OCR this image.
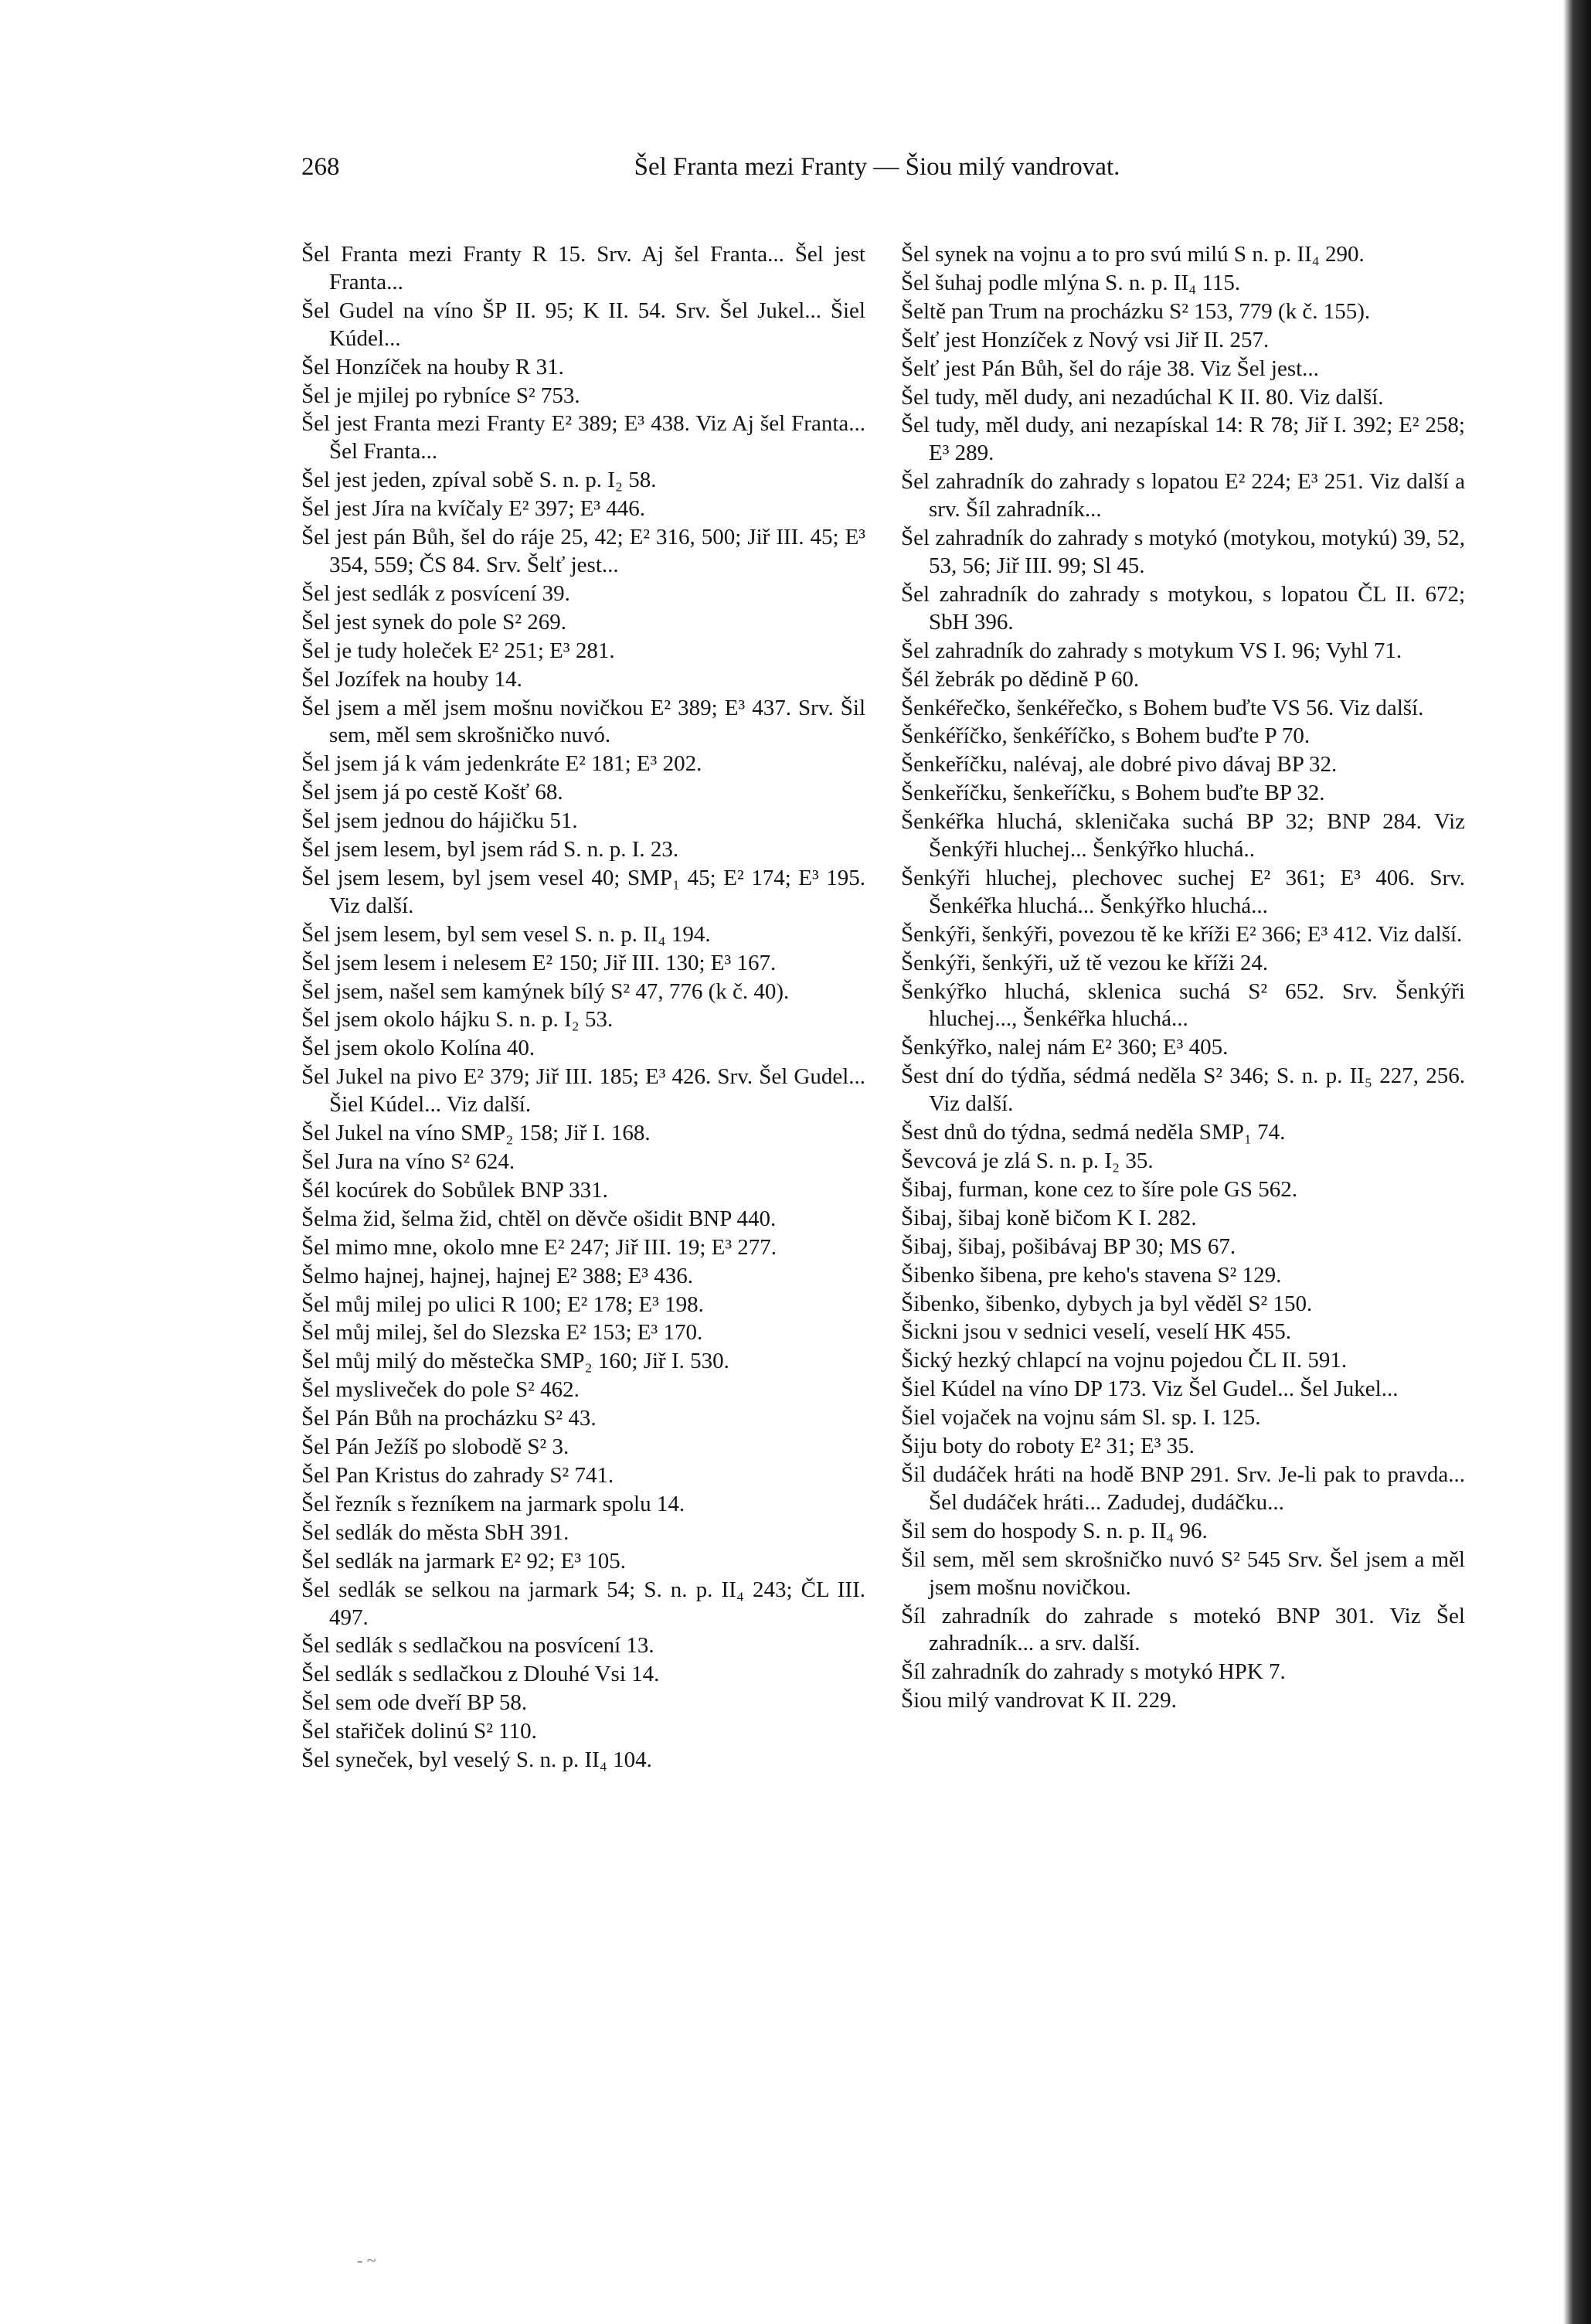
268	Šel Franta mezi Franty — Šiou milý vandrovat.

Šel Franta mezi Franty R 15. Srv. Aj šel Franta... Šel jest Franta...

Šel Gudel na víno ŠP II. 95; K II. 54. Srv. Šel Jukel... Šiel Kúdel...

Šel Honzíček na houby R 31.

Šel je mjilej po rybníce S² 753.

Šel jest Franta mezi Franty E² 389; E³ 438. Viz Aj šel Franta... Šel Franta...

Šel jest jeden, zpíval sobě S. n. p. I₂ 58.

Šel jest Jíra na kvíčaly E² 397; E³ 446.

Šel jest pán Bůh, šel do ráje 25, 42; E² 316, 500; Jiř III. 45; E³ 354, 559; ČS 84. Srv. Šelť jest...

Šel jest sedlák z posvícení 39.

Šel jest synek do pole S² 269.

Šel je tudy holeček E² 251; E³ 281.

Šel Jozífek na houby 14.

Šel jsem a měl jsem mošnu novičkou E² 389; E³ 437. Srv. Šil sem, měl sem skrošničko nuvó.

Šel jsem já k vám jedenkráte E² 181; E³ 202.

Šel jsem já po cestě Košť 68.

Šel jsem jednou do hájičku 51.

Šel jsem lesem, byl jsem rád S. n. p. I. 23.

Šel jsem lesem, byl jsem vesel 40; SMP₁ 45; E² 174; E³ 195. Viz další.

Šel jsem lesem, byl sem vesel S. n. p. II₄ 194.

Šel jsem lesem i nelesem E² 150; Jiř III. 130; E³ 167.

Šel jsem, našel sem kamýnek bílý S² 47, 776 (k č. 40).

Šel jsem okolo hájku S. n. p. I₂ 53.

Šel jsem okolo Kolína 40.

Šel Jukel na pivo E² 379; Jiř III. 185; E³ 426. Srv. Šel Gudel... Šiel Kúdel... Viz další.

Šel Jukel na víno SMP₂ 158; Jiř I. 168.

Šel Jura na víno S² 624.

Šél kocúrek do Sobůlek BNP 331.

Šelma žid, šelma žid, chtěl on děvče ošidit BNP 440.

Šel mimo mne, okolo mne E² 247; Jiř III. 19; E³ 277.

Šelmo hajnej, hajnej, hajnej E² 388; E³ 436.

Šel můj milej po ulici R 100; E² 178; E³ 198.

Šel můj milej, šel do Slezska E² 153; E³ 170.

Šel můj milý do městečka SMP₂ 160; Jiř I. 530.

Šel mysliveček do pole S² 462.

Šel Pán Bůh na procházku S² 43.

Šel Pán Ježíš po slobodě S² 3.

Šel Pan Kristus do zahrady S² 741.

Šel řezník s řezníkem na jarmark spolu 14.

Šel sedlák do města SbH 391.

Šel sedlák na jarmark E² 92; E³ 105.

Šel sedlák se selkou na jarmark 54; S. n. p. II₄ 243; ČL III. 497.

Šel sedlák s sedlačkou na posvícení 13.

Šel sedlák s sedlačkou z Dlouhé Vsi 14.

Šel sem ode dveří BP 58.

Šel stařiček dolinú S² 110.

Šel syneček, byl veselý S. n. p. II₄ 104.

Šel synek na vojnu a to pro svú milú S n. p. II₄ 290.

Šel šuhaj podle mlýna S. n. p. II₄ 115.

Šeltě pan Trum na procházku S² 153, 779 (k č. 155).

Šelť jest Honzíček z Nový vsi Jiř II. 257.

Šelť jest Pán Bůh, šel do ráje 38. Viz Šel jest...

Šel tudy, měl dudy, ani nezadúchal K II. 80. Viz další.

Šel tudy, měl dudy, ani nezapískal 14: R 78; Jiř I. 392; E² 258; E³ 289.

Šel zahradník do zahrady s lopatou E² 224; E³ 251. Viz další a srv. Šíl zahradník...

Šel zahradník do zahrady s motykó (motykou, motykú) 39, 52, 53, 56; Jiř III. 99; Sl 45.

Šel zahradník do zahrady s motykou, s lopatou ČL II. 672; SbH 396.

Šel zahradník do zahrady s motykum VS I. 96; Vyhl 71.

Šél žebrák po dědině P 60.

Šenkéřečko, šenkéřečko, s Bohem buďte VS 56. Viz další.

Šenkéříčko, šenkéříčko, s Bohem buďte P 70.

Šenkeříčku, nalévaj, ale dobré pivo dávaj BP 32.

Šenkeříčku, šenkeříčku, s Bohem buďte BP 32.

Šenkéřka hluchá, skleničaka suchá BP 32; BNP 284. Viz Šenkýři hluchej... Šenkýřko hluchá..

Šenkýři hluchej, plechovec suchej E² 361; E³ 406. Srv. Šenkéřka hluchá... Šenkýřko hluchá...

Šenkýři, šenkýři, povezou tě ke kříži E² 366; E³ 412. Viz další.

Šenkýři, šenkýři, už tě vezou ke kříži 24.

Šenkýřko hluchá, sklenica suchá S² 652. Srv. Šenkýři hluchej..., Šenkéřka hluchá...

Šenkýřko, nalej nám E² 360; E³ 405.

Šest dní do týdňa, sédmá neděla S² 346; S. n. p. II₅ 227, 256. Viz další.

Šest dnů do týdna, sedmá neděla SMP₁ 74.

Ševcová je zlá S. n. p. I₂ 35.

Šibaj, furman, kone cez to šíre pole GS 562.

Šibaj, šibaj koně bičom K I. 282.

Šibaj, šibaj, pošibávaj BP 30; MS 67.

Šibenko šibena, pre keho's stavena S² 129.

Šibenko, šibenko, dybych ja byl věděl S² 150.

Šickni jsou v sednici veselí, veselí HK 455.

Šický hezký chlapcí na vojnu pojedou ČL II. 591.

Šiel Kúdel na víno DP 173. Viz Šel Gudel... Šel Jukel...

Šiel vojaček na vojnu sám Sl. sp. I. 125.

Šiju boty do roboty E² 31; E³ 35.

Šil dudáček hráti na hodě BNP 291. Srv. Je-li pak to pravda... Šel dudáček hráti... Zadudej, dudáčku...

Šil sem do hospody S. n. p. II₄ 96.

Šil sem, měl sem skrošničko nuvó S² 545 Srv. Šel jsem a měl jsem mošnu novičkou.

Šíl zahradník do zahrade s motekó BNP 301. Viz Šel zahradník... a srv. další.

Šíl zahradník do zahrady s motykó HPK 7.

Šiou milý vandrovat K II. 229.

- ~
